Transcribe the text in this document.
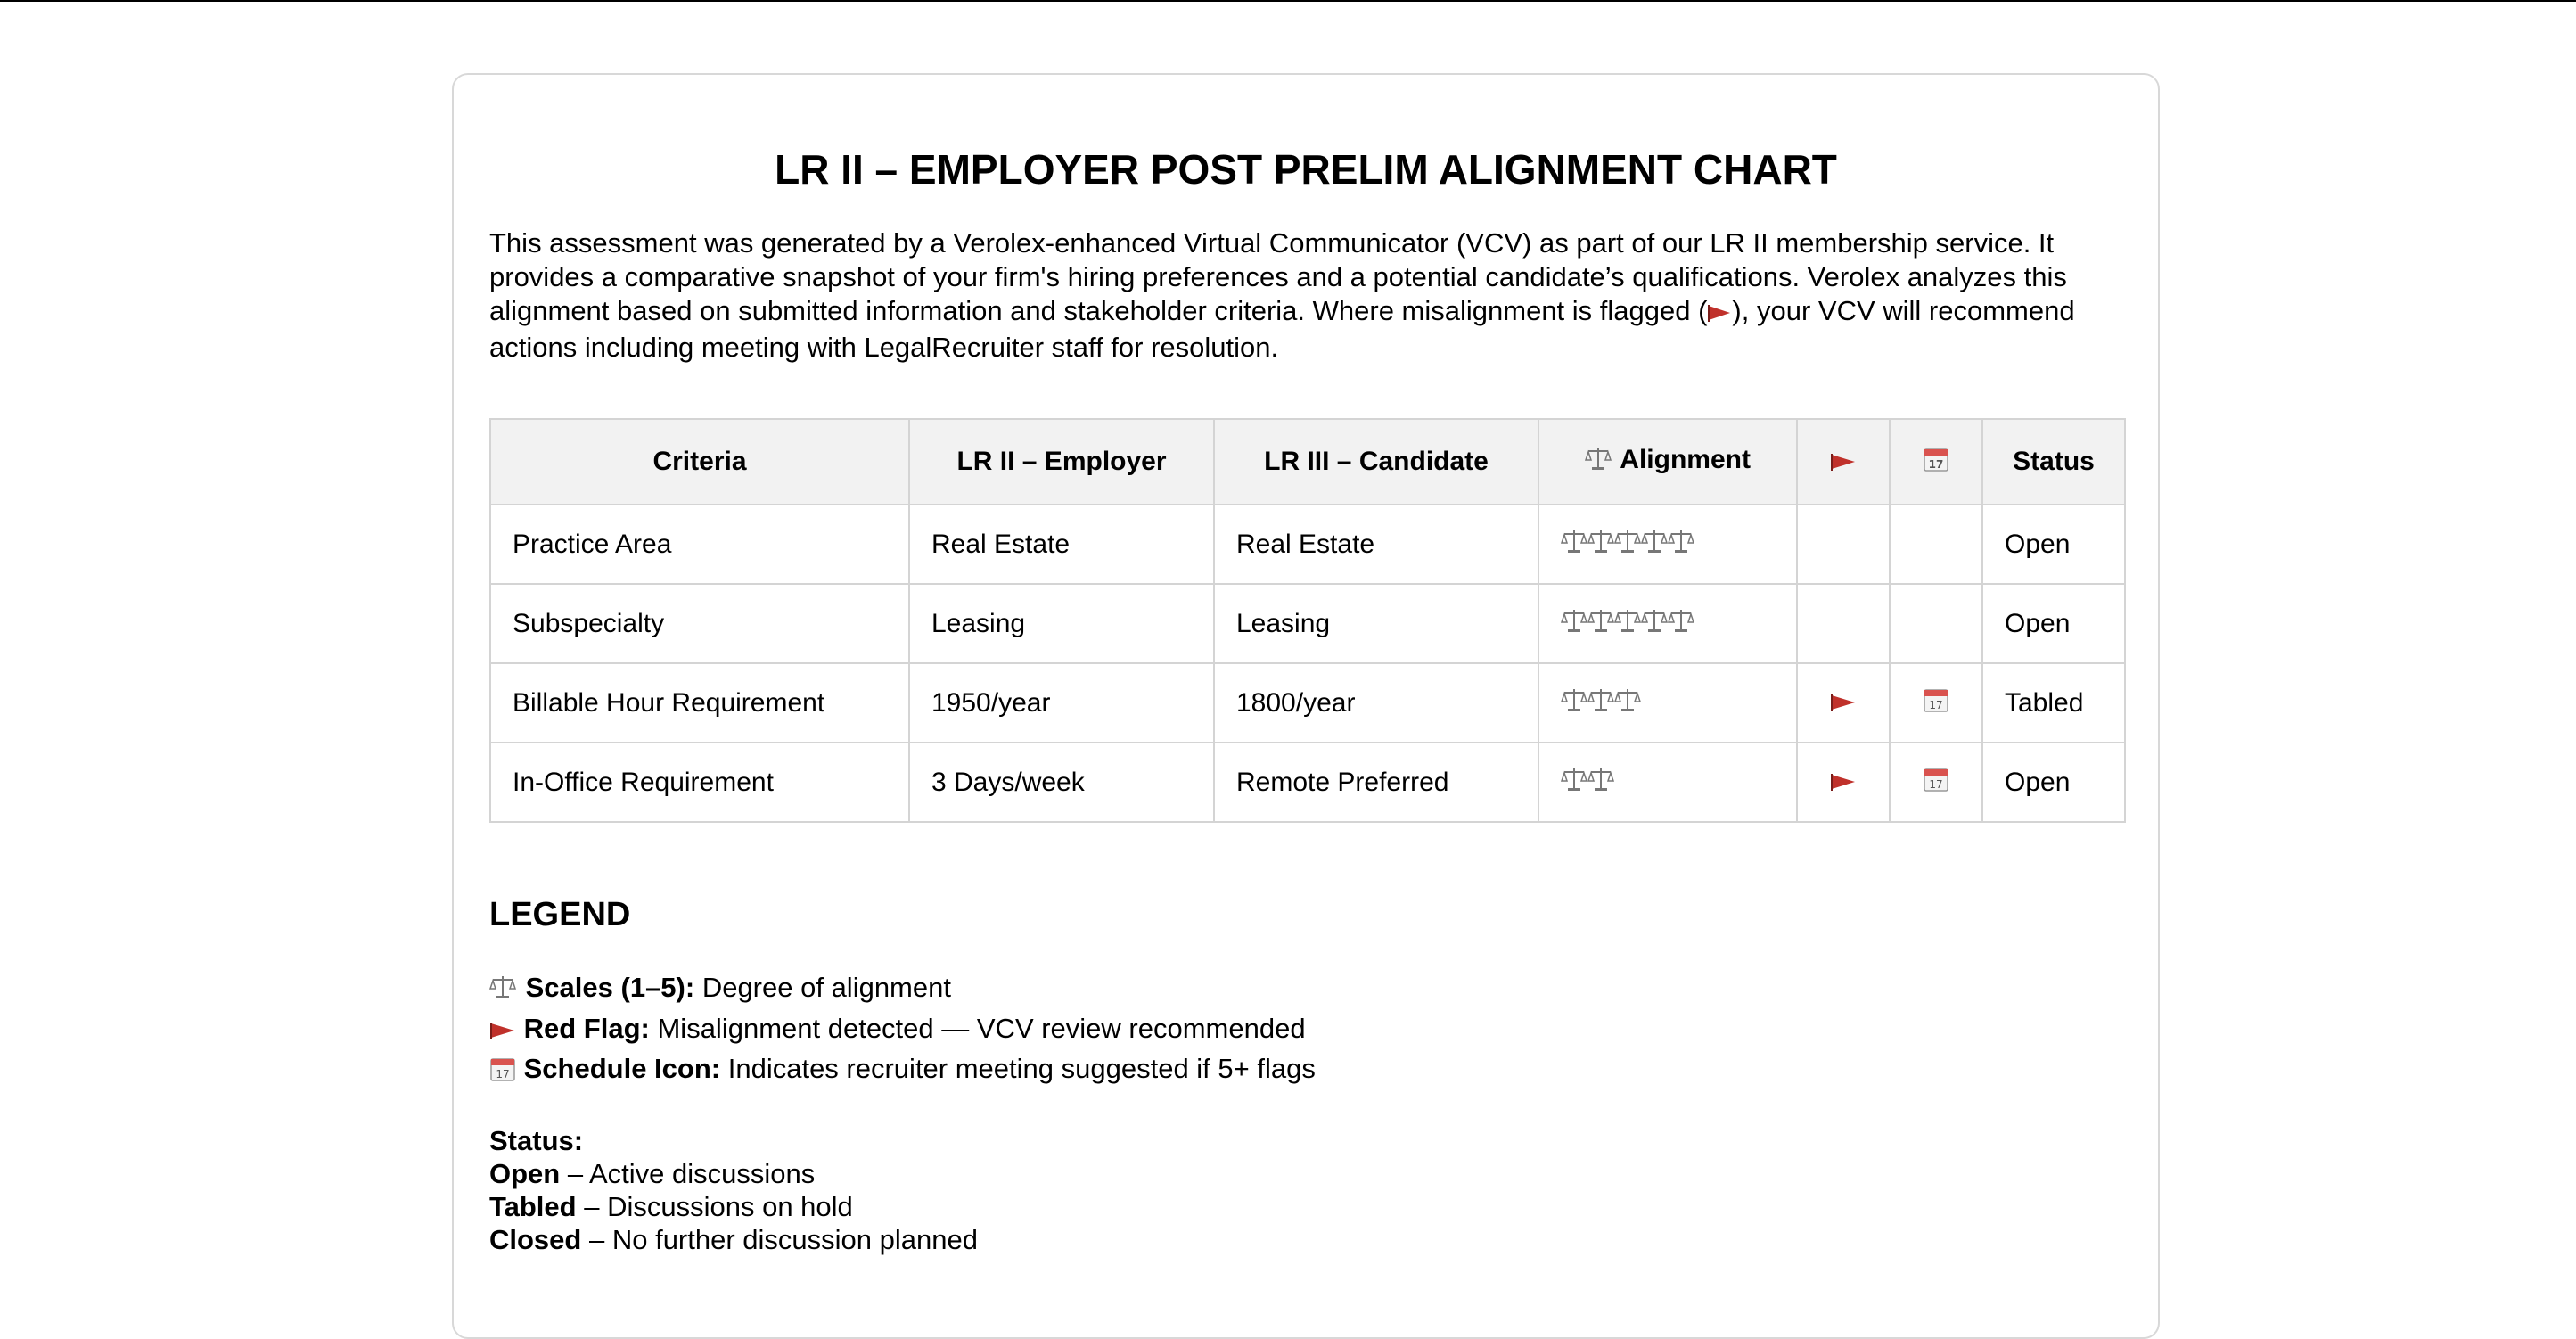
LR II – EMPLOYER POST PRELIM ALIGNMENT CHART

This assessment was generated by a Verolex-enhanced Virtual Communicator (VCV) as part of our LR II membership service. It provides a comparative snapshot of your firm's hiring preferences and a potential candidate’s qualifications. Verolex analyzes this alignment based on submitted information and stakeholder criteria. Where misalignment is flagged ( ), your VCV will recommend actions including meeting with LegalRecruiter staff for resolution.

Criteria	LR II – Employer	LR III – Candidate	Alignment		17	Status
Practice Area	Real Estate	Real Estate				Open
Subspecialty	Leasing	Leasing				Open
Billable Hour Requirement	1950/year	1800/year			17	Tabled
In-Office Requirement	3 Days/week	Remote Preferred			17	Open
LEGEND
Scales (1–5): Degree of alignment
Red Flag: Misalignment detected — VCV review recommended
17 Schedule Icon: Indicates recruiter meeting suggested if 5+ flags
Status:
Open – Active discussions
Tabled – Discussions on hold
Closed – No further discussion planned
